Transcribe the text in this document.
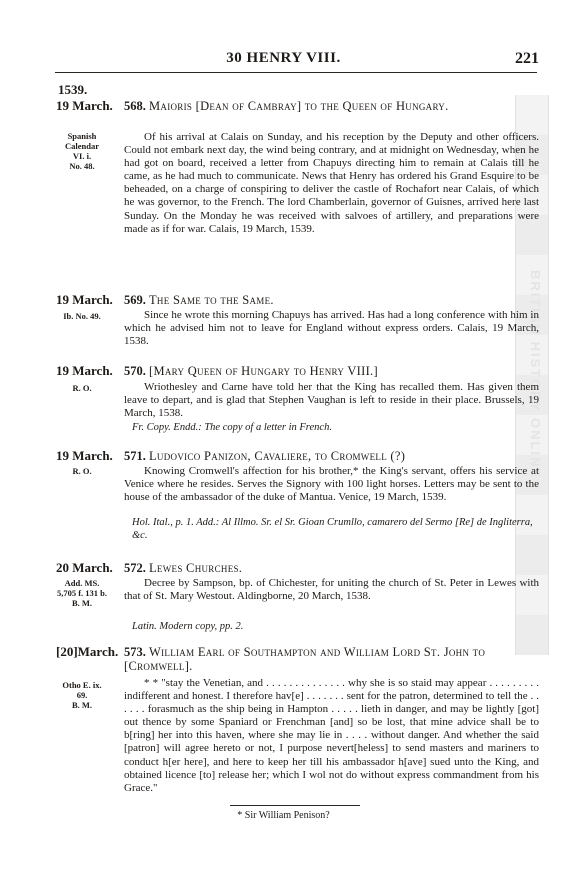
30 HENRY VIII.	221
1539.
BRITISH HISTORY ONLINE
19 March. 568. Maioris [Dean of Cambray] to the Queen of Hungary.
Spanish
Calendar
VI. i.
No. 48.
Of his arrival at Calais on Sunday, and his reception by the Deputy and other officers. Could not embark next day, the wind being contrary, and at midnight on Wednesday, when he had got on board, received a letter from Chapuys directing him to remain at Calais till he came, as he had much to communicate. News that Henry has ordered his Grand Esquire to be beheaded, on a charge of conspiring to deliver the castle of Rochafort near Calais, of which he was governor, to the French. The lord Chamberlain, governor of Guisnes, arrived here last Sunday. On the Monday he was received with salvoes of artillery, and preparations were made as if for war. Calais, 19 March, 1539.
19 March. 569. The Same to the Same.
Ib. No. 49.	Since he wrote this morning Chapuys has arrived. Has had a long conference with him in which he advised him not to leave for England without express orders. Calais, 19 March, 1538.
19 March. 570. [Mary Queen of Hungary to Henry VIII.]
R. O.	Wriothesley and Carne have told her that the King has recalled them. Has given them leave to depart, and is glad that Stephen Vaughan is left to reside in their place. Brussels, 19 March, 1538.
Fr. Copy. Endd.: The copy of a letter in French.
19 March. 571. Ludovico Panizon, Cavaliere, to Cromwell (?)
R. O.	Knowing Cromwell's affection for his brother,* the King's servant, offers his service at Venice where he resides. Serves the Signory with 100 light horses. Letters may be sent to the house of the ambassador of the duke of Mantua. Venice, 19 March, 1539.
Hol. Ital., p. 1. Add.: Al Illmo. Sr. el Sr. Gioan Crumllo, camarero del Sermo [Re] de Ingliterra, &c.
20 March. 572. Lewes Churches.
Add. MS.
5,705 f. 131 b.
B. M.
Decree by Sampson, bp. of Chichester, for uniting the church of St. Peter in Lewes with that of St. Mary Westout. Aldingborne, 20 March, 1538.
Latin. Modern copy, pp. 2.
[20]March. 573. William Earl of Southampton and William Lord St. John to [Cromwell].
Otho E. ix.
69.
B. M.
* * "stay the Venetian, and . . . . . . . . . . . . . . why she is so staid may appear . . . . . . . . . indifferent and honest. I therefore hav[e] . . . . . . . sent for the patron, determined to tell the . . . . . . forasmuch as the ship being in Hampton . . . . . lieth in danger, and may be lightly [got] out thence by some Spaniard or Frenchman [and] so be lost, that mine advice shall be to b[ring] her into this haven, where she may lie in . . . . without danger. And whether the said [patron] will agree hereto or not, I purpose nevert[heless] to send masters and mariners to conduct h[er here], and here to keep her till his ambassador h[ave] sued unto the King, and obtained licence [to] release her; which I wol not do without express commandment from his Grace."
* Sir William Penison?
